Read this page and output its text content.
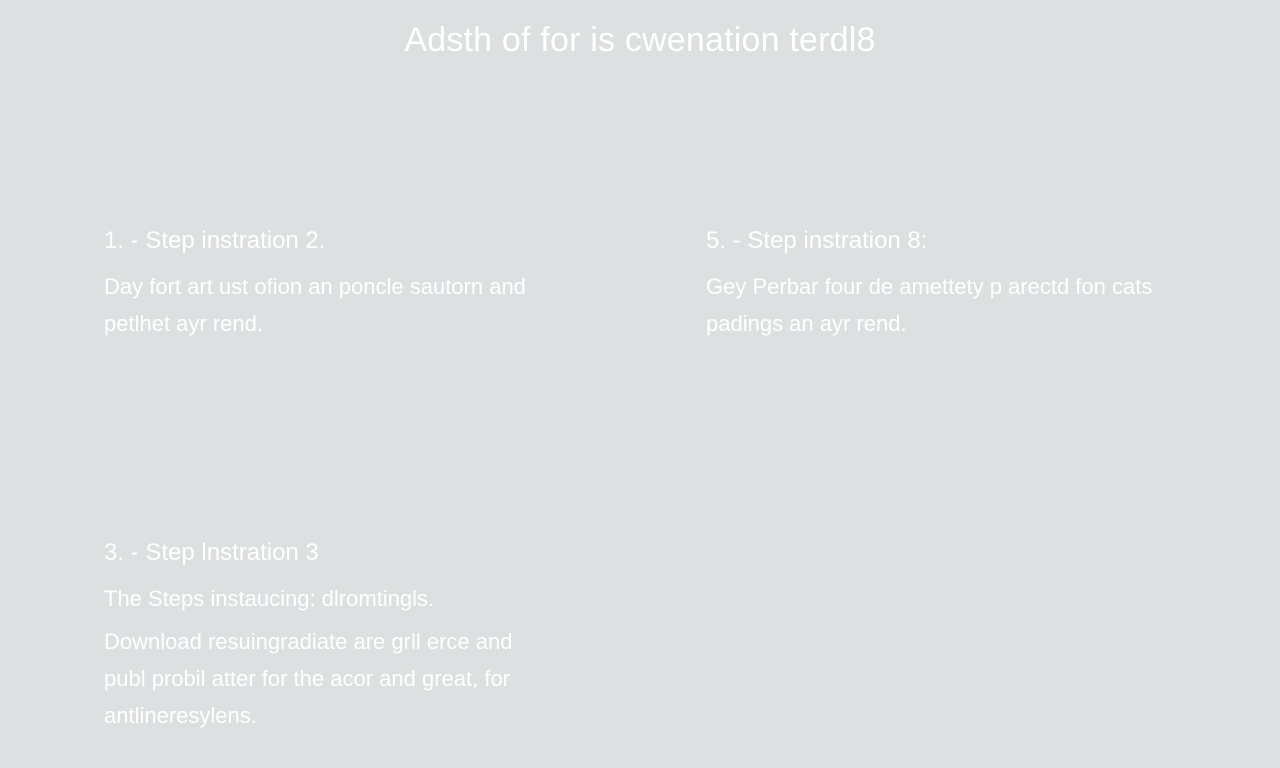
Adsth of for is cwenation terdl8
1. - Step instration 2.

Day fort art ust ofion an poncle sautorn and
petlhet ayr rend.

5. - Step instration 8:

Gey Perbar four de amettety p arectd fon cats
padings an ayr rend.

3. - Step lnstration 3

The Steps instaucing: dlromtingls.

Download resuingradiate are grll erce and
publ probil atter for the acor and great, for
antlineresylens.
